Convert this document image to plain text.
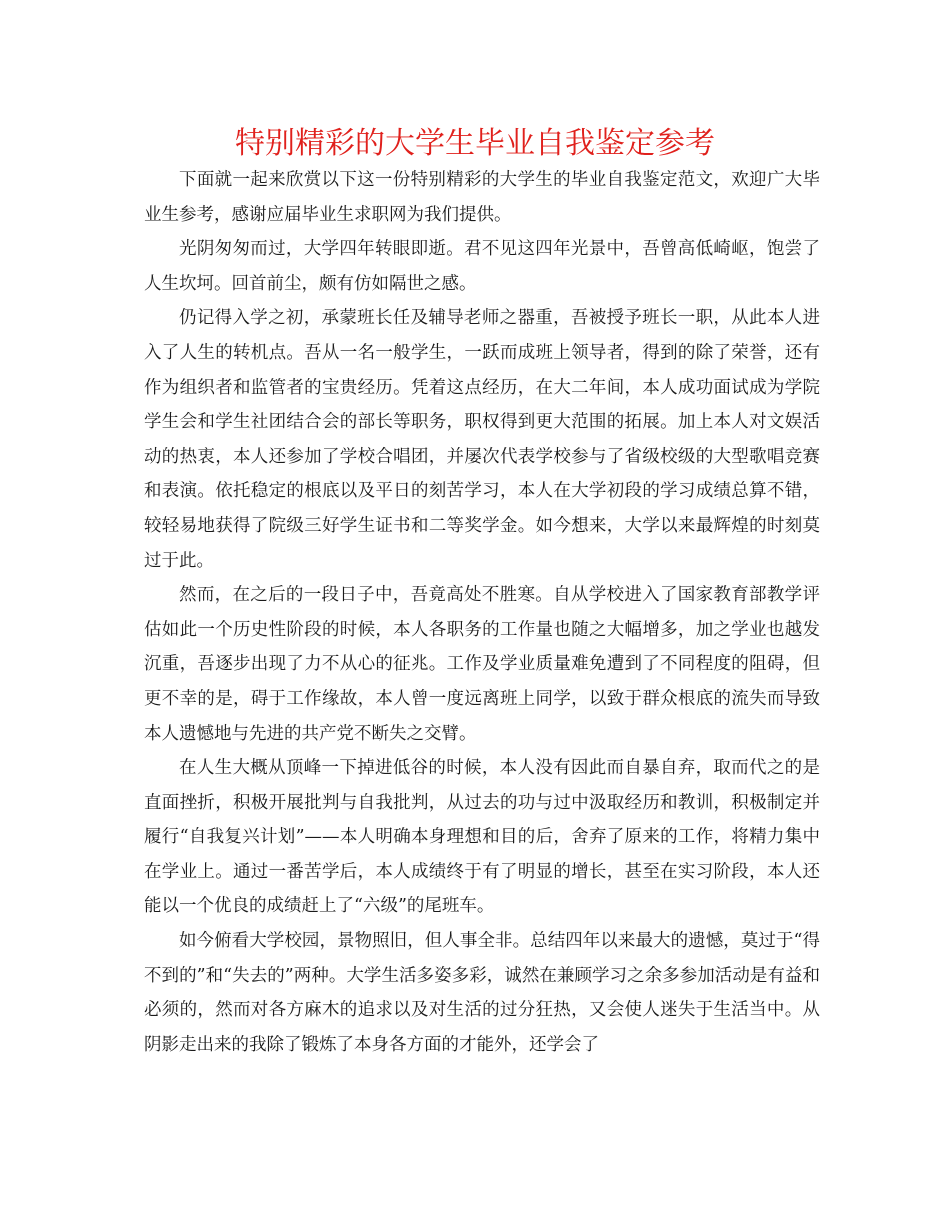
特别精彩的大学生毕业自我鉴定参考

下面就一起来欣赏以下这一份特别精彩的大学生的毕业自我鉴定范文，欢迎广大毕业生参考，感谢应届毕业生求职网为我们提供。

光阴匆匆而过，大学四年转眼即逝。君不见这四年光景中，吾曾高低崎岖，饱尝了人生坎坷。回首前尘，颇有仿如隔世之感。

仍记得入学之初，承蒙班长任及辅导老师之器重，吾被授予班长一职，从此本人进入了人生的转机点。吾从一名一般学生，一跃而成班上领导者，得到的除了荣誉，还有作为组织者和监管者的宝贵经历。凭着这点经历，在大二年间，本人成功面试成为学院学生会和学生社团结合会的部长等职务，职权得到更大范围的拓展。加上本人对文娱活动的热衷，本人还参加了学校合唱团，并屡次代表学校参与了省级校级的大型歌唱竞赛和表演。依托稳定的根底以及平日的刻苦学习，本人在大学初段的学习成绩总算不错，较轻易地获得了院级三好学生证书和二等奖学金。如今想来，大学以来最辉煌的时刻莫过于此。

然而，在之后的一段日子中，吾竟高处不胜寒。自从学校进入了国家教育部教学评估如此一个历史性阶段的时候，本人各职务的工作量也随之大幅增多，加之学业也越发沉重，吾逐步出现了力不从心的征兆。工作及学业质量难免遭到了不同程度的阻碍，但更不幸的是，碍于工作缘故，本人曾一度远离班上同学，以致于群众根底的流失而导致本人遗憾地与先进的共产党不断失之交臂。

在人生大概从顶峰一下掉进低谷的时候，本人没有因此而自暴自弃，取而代之的是直面挫折，积极开展批判与自我批判，从过去的功与过中汲取经历和教训，积极制定并履行“自我复兴计划”——本人明确本身理想和目的后，舍弃了原来的工作，将精力集中在学业上。通过一番苦学后，本人成绩终于有了明显的增长，甚至在实习阶段，本人还能以一个优良的成绩赶上了“六级”的尾班车。

如今俯看大学校园，景物照旧，但人事全非。总结四年以来最大的遗憾，莫过于“得不到的”和“失去的”两种。大学生活多姿多彩，诚然在兼顾学习之余多参加活动是有益和必须的，然而对各方麻木的追求以及对生活的过分狂热，又会使人迷失于生活当中。从阴影走出来的我除了锻炼了本身各方面的才能外，还学会了
